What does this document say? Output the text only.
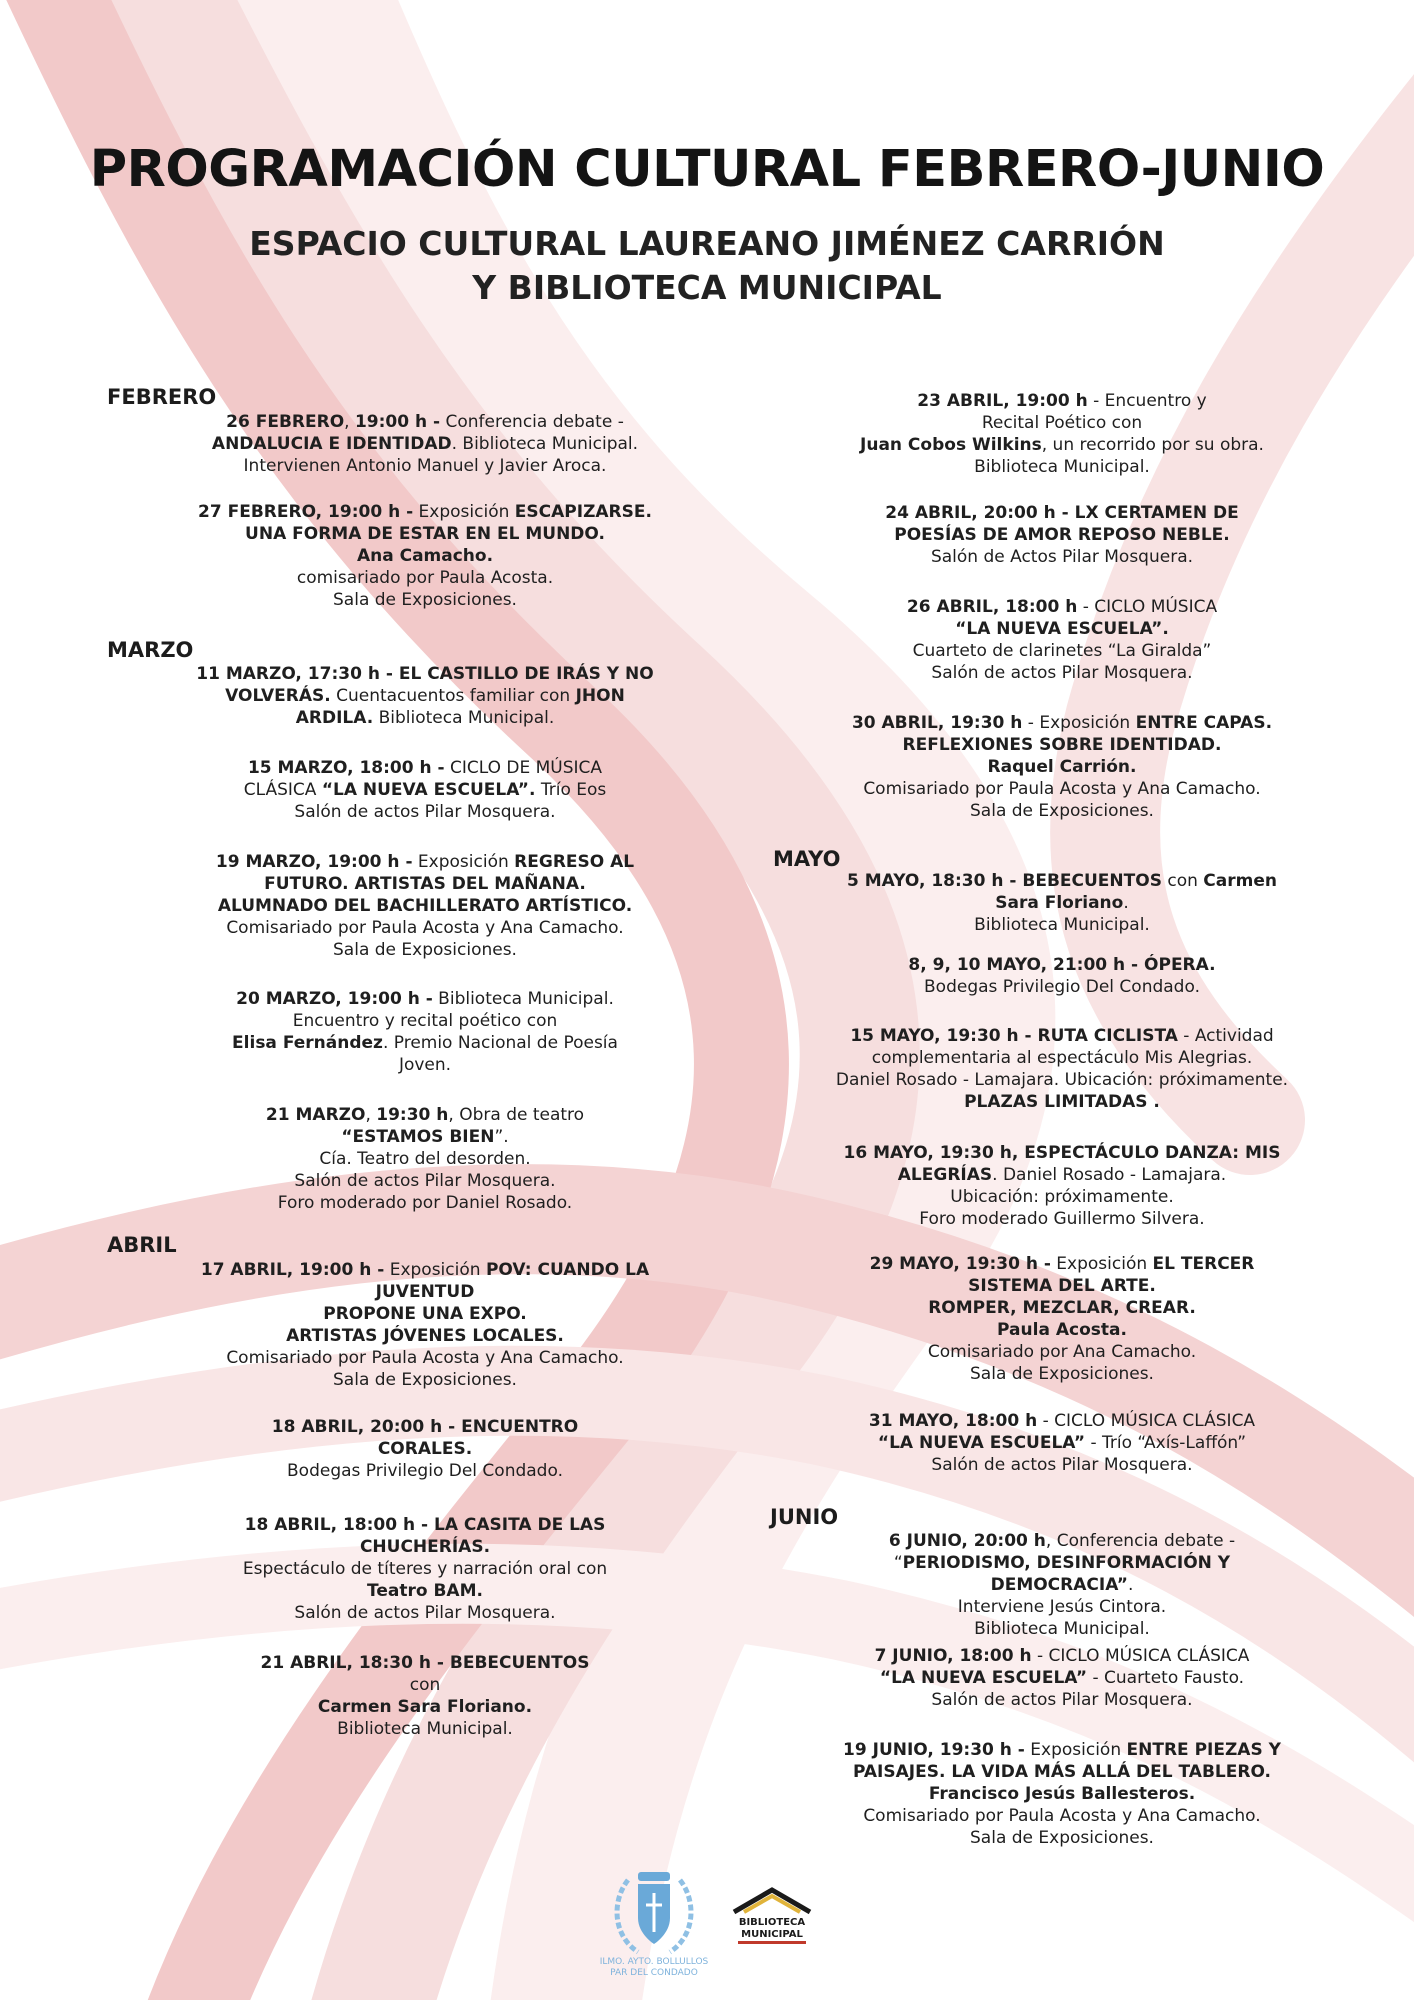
PROGRAMACIÓN CULTURAL FEBRERO-JUNIO
ESPACIO CULTURAL LAUREANO JIMÉNEZ CARRIÓN
Y BIBLIOTECA MUNICIPAL
FEBRERO
MARZO
ABRIL
MAYO
JUNIO
26 FEBRERO, 19:00 h - Conferencia debate -
ANDALUCIA E IDENTIDAD. Biblioteca Municipal.
Intervienen Antonio Manuel y Javier Aroca.
27 FEBRERO, 19:00 h - Exposición ESCAPIZARSE.
UNA FORMA DE ESTAR EN EL MUNDO.
Ana Camacho.
comisariado por Paula Acosta.
Sala de Exposiciones.
11 MARZO, 17:30 h - EL CASTILLO DE IRÁS Y NO
VOLVERÁS. Cuentacuentos familiar con JHON
ARDILA. Biblioteca Municipal.
15 MARZO, 18:00 h - CICLO DE MÚSICA
CLÁSICA “LA NUEVA ESCUELA”. Trío Eos
Salón de actos Pilar Mosquera.
19 MARZO, 19:00 h - Exposición REGRESO AL
FUTURO. ARTISTAS DEL MAÑANA.
ALUMNADO DEL BACHILLERATO ARTÍSTICO.
Comisariado por Paula Acosta y Ana Camacho.
Sala de Exposiciones.
20 MARZO, 19:00 h - Biblioteca Municipal.
Encuentro y recital poético con
Elisa Fernández. Premio Nacional de Poesía
Joven.
21 MARZO, 19:30 h, Obra de teatro
“ESTAMOS BIEN”.
Cía. Teatro del desorden.
Salón de actos Pilar Mosquera.
Foro moderado por Daniel Rosado.
17 ABRIL, 19:00 h - Exposición POV: CUANDO LA
JUVENTUD
PROPONE UNA EXPO.
ARTISTAS JÓVENES LOCALES.
Comisariado por Paula Acosta y Ana Camacho.
Sala de Exposiciones.
18 ABRIL, 20:00 h - ENCUENTRO
CORALES.
Bodegas Privilegio Del Condado.
18 ABRIL, 18:00 h - LA CASITA DE LAS
CHUCHERÍAS.
Espectáculo de títeres y narración oral con
Teatro BAM.
Salón de actos Pilar Mosquera.
21 ABRIL, 18:30 h - BEBECUENTOS
con
Carmen Sara Floriano.
Biblioteca Municipal.
23 ABRIL, 19:00 h - Encuentro y
Recital Poético con
Juan Cobos Wilkins, un recorrido por su obra.
Biblioteca Municipal.
24 ABRIL, 20:00 h - LX CERTAMEN DE
POESÍAS DE AMOR REPOSO NEBLE.
Salón de Actos Pilar Mosquera.
26 ABRIL, 18:00 h - CICLO MÚSICA
“LA NUEVA ESCUELA”.
Cuarteto de clarinetes “La Giralda”
Salón de actos Pilar Mosquera.
30 ABRIL, 19:30 h - Exposición ENTRE CAPAS.
REFLEXIONES SOBRE IDENTIDAD.
Raquel Carrión.
Comisariado por Paula Acosta y Ana Camacho.
Sala de Exposiciones.
5 MAYO, 18:30 h - BEBECUENTOS con Carmen
Sara Floriano.
Biblioteca Municipal.
8, 9, 10 MAYO, 21:00 h - ÓPERA.
Bodegas Privilegio Del Condado.
15 MAYO, 19:30 h - RUTA CICLISTA - Actividad
complementaria al espectáculo Mis Alegrias.
Daniel Rosado - Lamajara. Ubicación: próximamente.
PLAZAS LIMITADAS .
16 MAYO, 19:30 h, ESPECTÁCULO DANZA: MIS
ALEGRÍAS. Daniel Rosado - Lamajara.
Ubicación: próximamente.
Foro moderado Guillermo Silvera.
29 MAYO, 19:30 h - Exposición EL TERCER
SISTEMA DEL ARTE.
ROMPER, MEZCLAR, CREAR.
Paula Acosta.
Comisariado por Ana Camacho.
Sala de Exposiciones.
31 MAYO, 18:00 h - CICLO MÚSICA CLÁSICA
“LA NUEVA ESCUELA” - Trío “Axís-Laffón”
Salón de actos Pilar Mosquera.
6 JUNIO, 20:00 h, Conferencia debate -
“PERIODISMO, DESINFORMACIÓN Y DEMOCRACIA”.
Interviene Jesús Cintora.
Biblioteca Municipal.
7 JUNIO, 18:00 h - CICLO MÚSICA CLÁSICA
“LA NUEVA ESCUELA” - Cuarteto Fausto.
Salón de actos Pilar Mosquera.
19 JUNIO, 19:30 h - Exposición ENTRE PIEZAS Y
PAISAJES. LA VIDA MÁS ALLÁ DEL TABLERO.
Francisco Jesús Ballesteros.
Comisariado por Paula Acosta y Ana Camacho.
Sala de Exposiciones.
ILMO. AYTO. BOLLULLOS
PAR DEL CONDADO
BIBLIOTECA
MUNICIPAL
